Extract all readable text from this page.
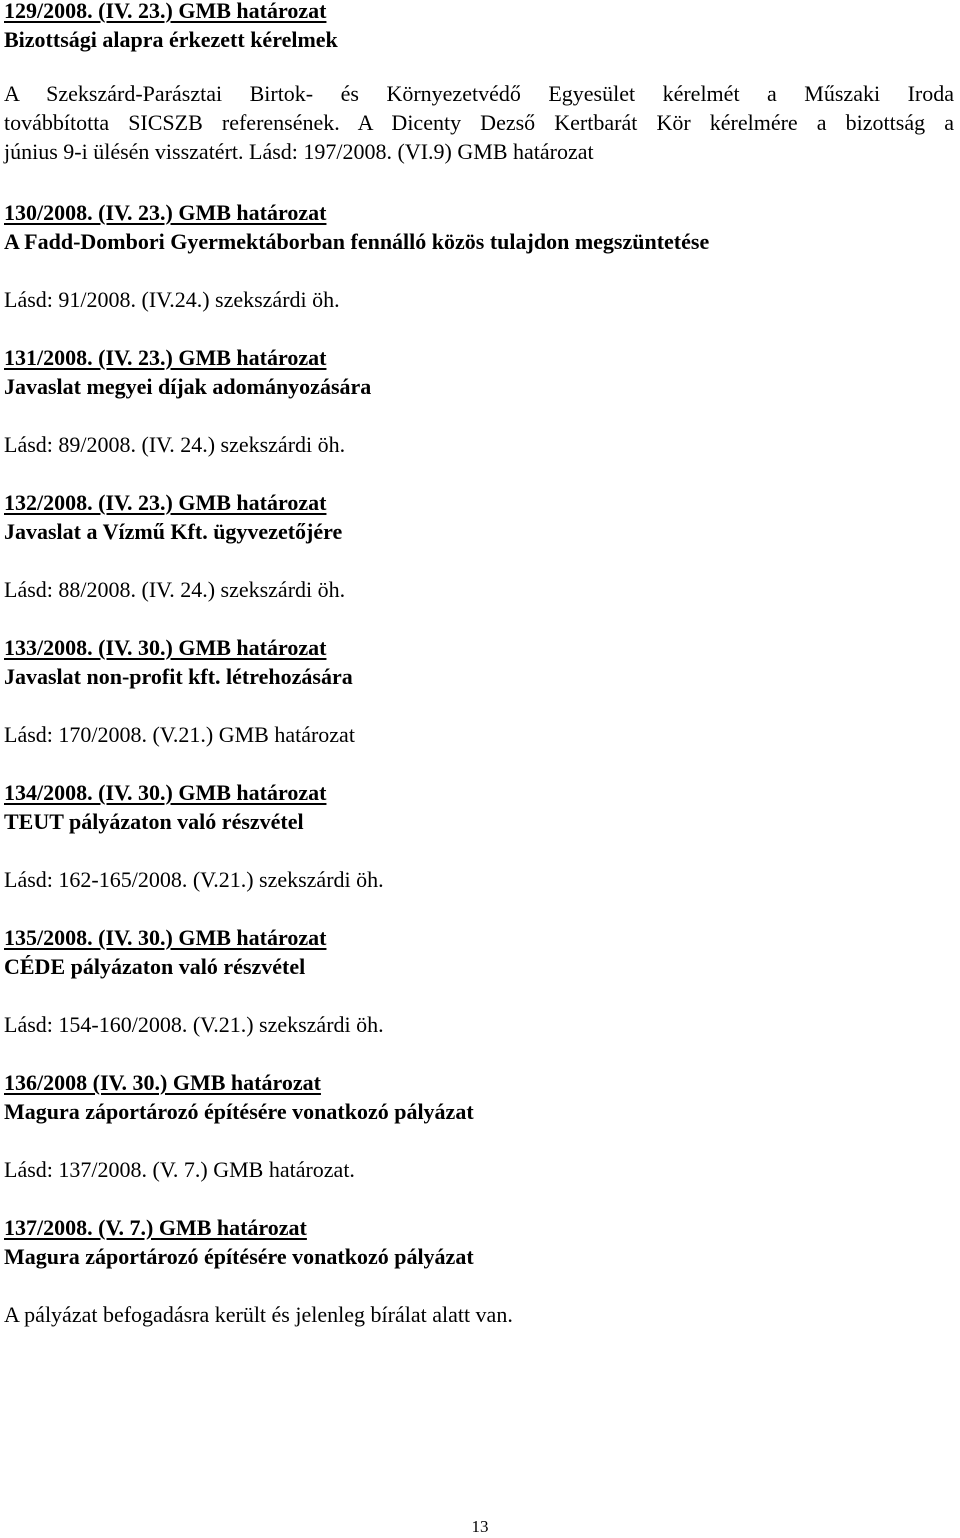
129/2008. (IV. 23.) GMB határozat
Bizottsági alapra érkezett kérelmek
A Szekszárd-Parásztai Birtok- és Környezetvédő Egyesület kérelmét a Műszaki Iroda
továbbította SICSZB referensének. A Dicenty Dezső Kertbarát Kör kérelmére a bizottság a
június 9-i ülésén visszatért. Lásd: 197/2008. (VI.9) GMB határozat
130/2008. (IV. 23.) GMB határozat
A Fadd-Dombori Gyermektáborban fennálló közös tulajdon megszüntetése
Lásd: 91/2008. (IV.24.) szekszárdi öh.
131/2008. (IV. 23.) GMB határozat
Javaslat megyei díjak adományozására
Lásd: 89/2008. (IV. 24.) szekszárdi öh.
132/2008. (IV. 23.) GMB határozat
Javaslat a Vízmű Kft. ügyvezetőjére
Lásd: 88/2008. (IV. 24.) szekszárdi öh.
133/2008. (IV. 30.) GMB határozat
Javaslat non-profit kft. létrehozására
Lásd: 170/2008. (V.21.) GMB határozat
134/2008. (IV. 30.) GMB határozat
TEUT pályázaton való részvétel
Lásd: 162-165/2008. (V.21.) szekszárdi öh.
135/2008. (IV. 30.) GMB határozat
CÉDE pályázaton való részvétel
Lásd: 154-160/2008. (V.21.) szekszárdi öh.
136/2008 (IV. 30.) GMB határozat
Magura záportározó építésére vonatkozó pályázat
Lásd: 137/2008. (V. 7.) GMB határozat.
137/2008. (V. 7.) GMB határozat
Magura záportározó építésére vonatkozó pályázat
A pályázat befogadásra került és jelenleg bírálat alatt van.
13
